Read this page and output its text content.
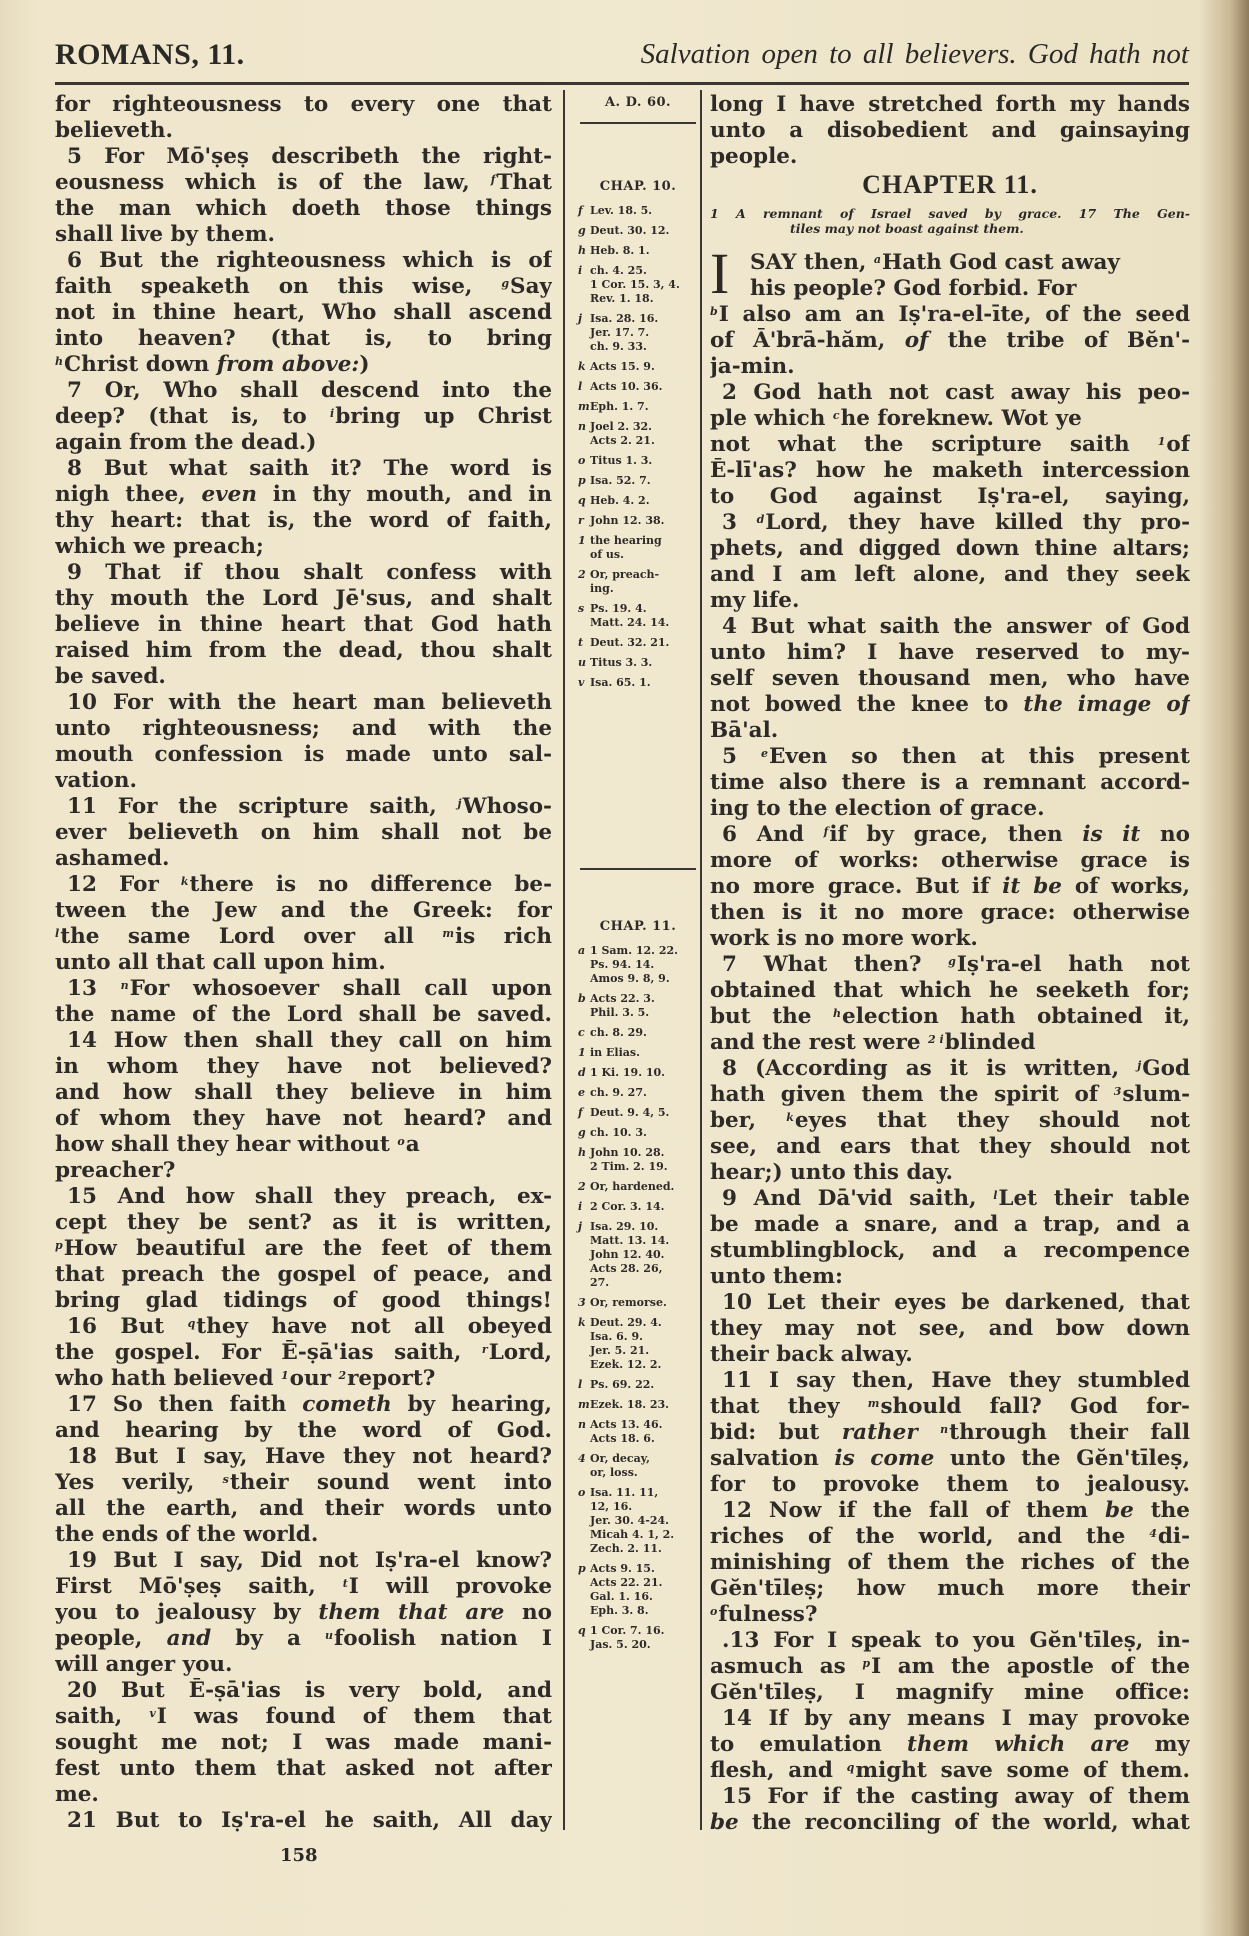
ROMANS, 11.	Salvation open to all believers. God hath not
for righteousness to every one that
believeth.
5 For Mō'ṣeṣ describeth the right-
eousness which is of the law, $^f$That
the man which doeth those things
shall live by them.
6 But the righteousness which is of
faith speaketh on this wise, $^g$Say
not in thine heart, Who shall ascend
into heaven? (that is, to bring
$^h$Christ down from above:)
7 Or, Who shall descend into the
deep? (that is, to $^i$bring up Christ
again from the dead.)
8 But what saith it? The word is
nigh thee, even in thy mouth, and in
thy heart: that is, the word of faith,
which we preach;
9 That if thou shalt confess with
thy mouth the Lord Jē'sus, and shalt
believe in thine heart that God hath
raised him from the dead, thou shalt
be saved.
10 For with the heart man believeth
unto righteousness; and with the
mouth confession is made unto sal-
vation.
11 For the scripture saith, $^j$Whoso-
ever believeth on him shall not be
ashamed.
12 For $^k$there is no difference be-
tween the Jew and the Greek: for
$^l$the same Lord over all $^m$is rich
unto all that call upon him.
13 $^n$For whosoever shall call upon
the name of the Lord shall be saved.
14 How then shall they call on him
in whom they have not believed?
and how shall they believe in him
of whom they have not heard? and
how shall they hear without $^o$a
preacher?
15 And how shall they preach, ex-
cept they be sent? as it is written,
$^p$How beautiful are the feet of them
that preach the gospel of peace, and
bring glad tidings of good things!
16 But $^q$they have not all obeyed
the gospel. For Ē-ṣā'ias saith, $^r$Lord,
who hath believed $^1$our $^2$report?
17 So then faith cometh by hearing,
and hearing by the word of God.
18 But I say, Have they not heard?
Yes verily, $^s$their sound went into
all the earth, and their words unto
the ends of the world.
19 But I say, Did not Iṣ'ra-el know?
First Mō'ṣeṣ saith, $^t$I will provoke
you to jealousy by them that are no
people, and by a $^u$foolish nation I
will anger you.
20 But Ē-ṣā'ias is very bold, and
saith, $^v$I was found of them that
sought me not; I was made mani-
fest unto them that asked not after
me.
21 But to Iṣ'ra-el he saith, All day
A. D. 60.
CHAP. 10.
f Lev. 18. 5.
g Deut. 30. 12.
h Heb. 8. 1.
i ch. 4. 25.
1 Cor. 15. 3, 4.
Rev. 1. 18.
j Isa. 28. 16.
Jer. 17. 7.
ch. 9. 33.
k Acts 15. 9.
l Acts 10. 36.
m Eph. 1. 7.
n Joel 2. 32.
Acts 2. 21.
o Titus 1. 3.
p Isa. 52. 7.
q Heb. 4. 2.
r John 12. 38.
1 the hearing
of us.
2 Or, preach-
ing.
s Ps. 19. 4.
Matt. 24. 14.
t Deut. 32. 21.
u Titus 3. 3.
v Isa. 65. 1.
CHAP. 11.
a 1 Sam. 12. 22.
Ps. 94. 14.
Amos 9. 8, 9.
b Acts 22. 3.
Phil. 3. 5.
c ch. 8. 29.
1 in Elias.
d 1 Ki. 19. 10.
e ch. 9. 27.
f Deut. 9. 4, 5.
g ch. 10. 3.
h John 10. 28.
2 Tim. 2. 19.
2 Or, hardened.
i 2 Cor. 3. 14.
j Isa. 29. 10.
Matt. 13. 14.
John 12. 40.
Acts 28. 26,
27.
3 Or, remorse.
k Deut. 29. 4.
Isa. 6. 9.
Jer. 5. 21.
Ezek. 12. 2.
l Ps. 69. 22.
m Ezek. 18. 23.
n Acts 13. 46.
Acts 18. 6.
4 Or, decay,
or, loss.
o Isa. 11. 11,
12, 16.
Jer. 30. 4-24.
Micah 4. 1, 2.
Zech. 2. 11.
p Acts 9. 15.
Acts 22. 21.
Gal. 1. 16.
Eph. 3. 8.
q 1 Cor. 7. 16.
Jas. 5. 20.
long I have stretched forth my hands
unto a disobedient and gainsaying
people.
CHAPTER 11.
1 A remnant of Israel saved by grace. 17 The Gen-
tiles may not boast against them.
I SAY then, $^a$Hath God cast away
his people? God forbid. For
$^b$I also am an Iṣ'ra-el-īte, of the seed
of Ā'brā-hăm, of the tribe of Bĕn'-
ja-min.
2 God hath not cast away his peo-
ple which $^c$he foreknew. Wot ye
not what the scripture saith $^1$of
Ē-lī'as? how he maketh intercession
to God against Iṣ'ra-el, saying,
3 $^d$Lord, they have killed thy pro-
phets, and digged down thine altars;
and I am left alone, and they seek
my life.
4 But what saith the answer of God
unto him? I have reserved to my-
self seven thousand men, who have
not bowed the knee to the image of
Bā'al.
5 $^e$Even so then at this present
time also there is a remnant accord-
ing to the election of grace.
6 And $^f$if by grace, then is it no
more of works: otherwise grace is
no more grace. But if it be of works,
then is it no more grace: otherwise
work is no more work.
7 What then? $^g$Iṣ'ra-el hath not
obtained that which he seeketh for;
but the $^h$election hath obtained it,
and the rest were $^{2 i}$blinded
8 (According as it is written, $^j$God
hath given them the spirit of $^3$slum-
ber, $^k$eyes that they should not
see, and ears that they should not
hear;) unto this day.
9 And Dā'vid saith, $^l$Let their table
be made a snare, and a trap, and a
stumblingblock, and a recompence
unto them:
10 Let their eyes be darkened, that
they may not see, and bow down
their back alway.
11 I say then, Have they stumbled
that they $^m$should fall? God for-
bid: but rather $^n$through their fall
salvation is come unto the Gĕn'tīleṣ,
for to provoke them to jealousy.
12 Now if the fall of them be the
riches of the world, and the $^4$di-
minishing of them the riches of the
Gĕn'tīleṣ; how much more their
$^o$fulness?
.13 For I speak to you Gĕn'tīleṣ, in-
asmuch as $^p$I am the apostle of the
Gĕn'tīleṣ, I magnify mine office:
14 If by any means I may provoke
to emulation them which are my
flesh, and $^q$might save some of them.
15 For if the casting away of them
be the reconciling of the world, what
158
